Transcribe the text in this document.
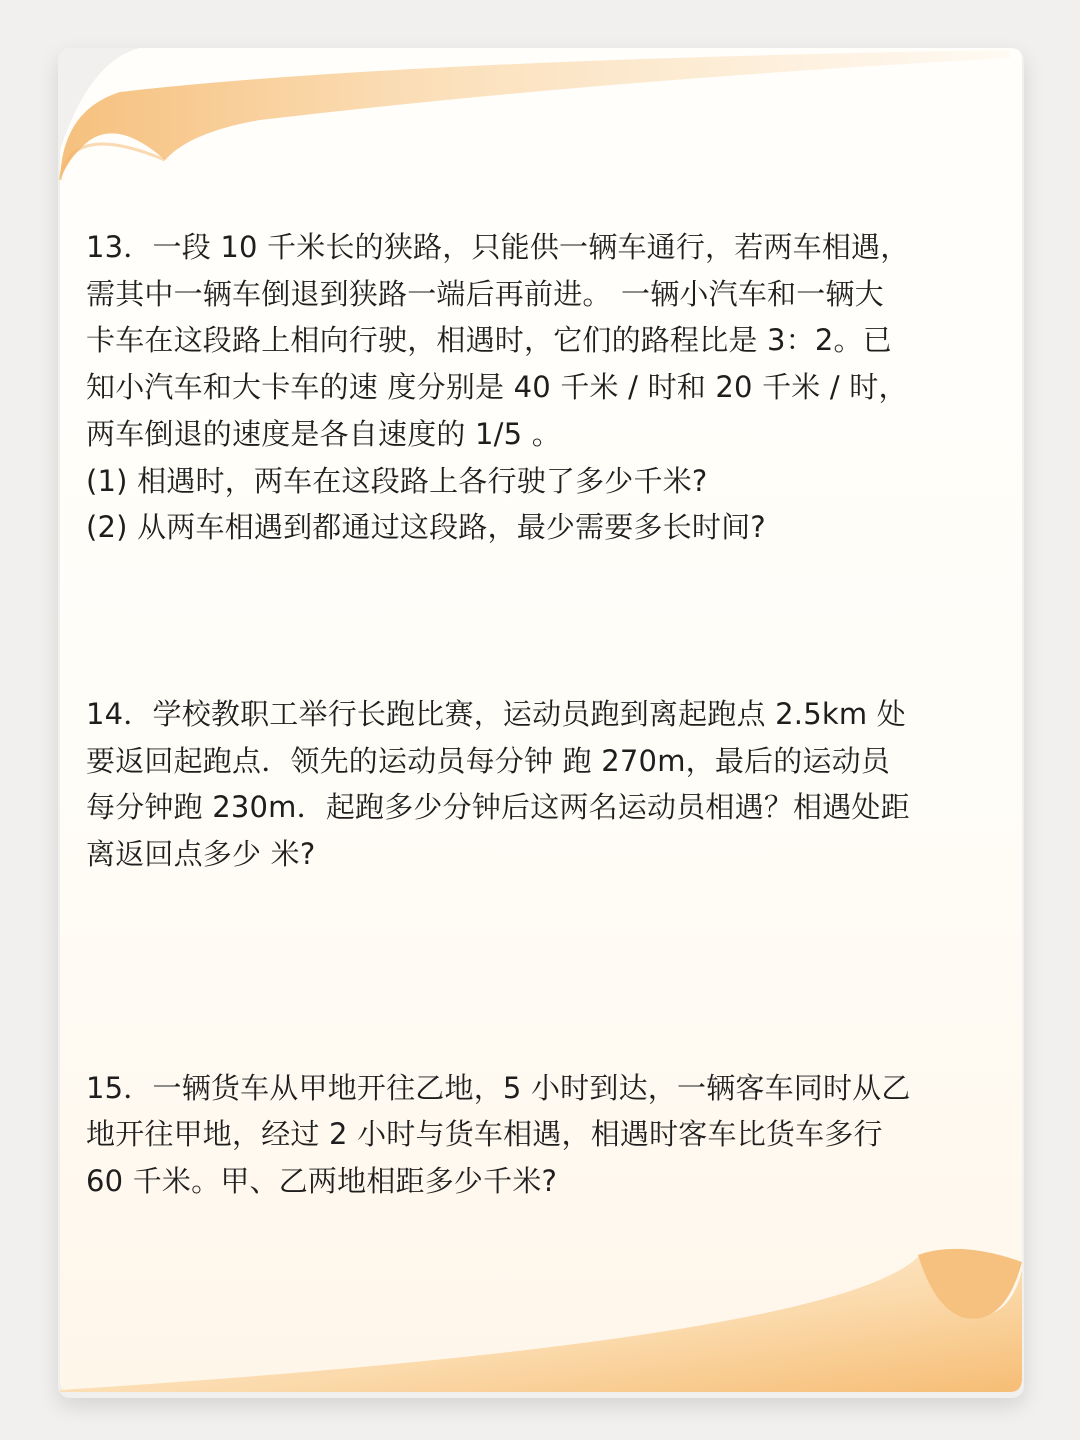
13．一段 10 千米长的狭路，只能供一辆车通行，若两车相遇，
需其中一辆车倒退到狭路一端后再前进。 一辆小汽车和一辆大
卡车在这段路上相向行驶，相遇时，它们的路程比是 3：2。已
知小汽车和大卡车的速 度分别是 40 千米 / 时和 20 千米 / 时，
两车倒退的速度是各自速度的 1/5 。

(1) 相遇时，两车在这段路上各行驶了多少千米?

(2) 从两车相遇到都通过这段路，最少需要多长时间?

14．学校教职工举行长跑比赛，运动员跑到离起跑点 2.5km 处
要返回起跑点．领先的运动员每分钟 跑 270m，最后的运动员
每分钟跑 230m．起跑多少分钟后这两名运动员相遇？相遇处距
离返回点多少 米?

15．一辆货车从甲地开往乙地，5 小时到达，一辆客车同时从乙
地开往甲地，经过 2 小时与货车相遇，相遇时客车比货车多行
60 千米。甲、乙两地相距多少千米?
